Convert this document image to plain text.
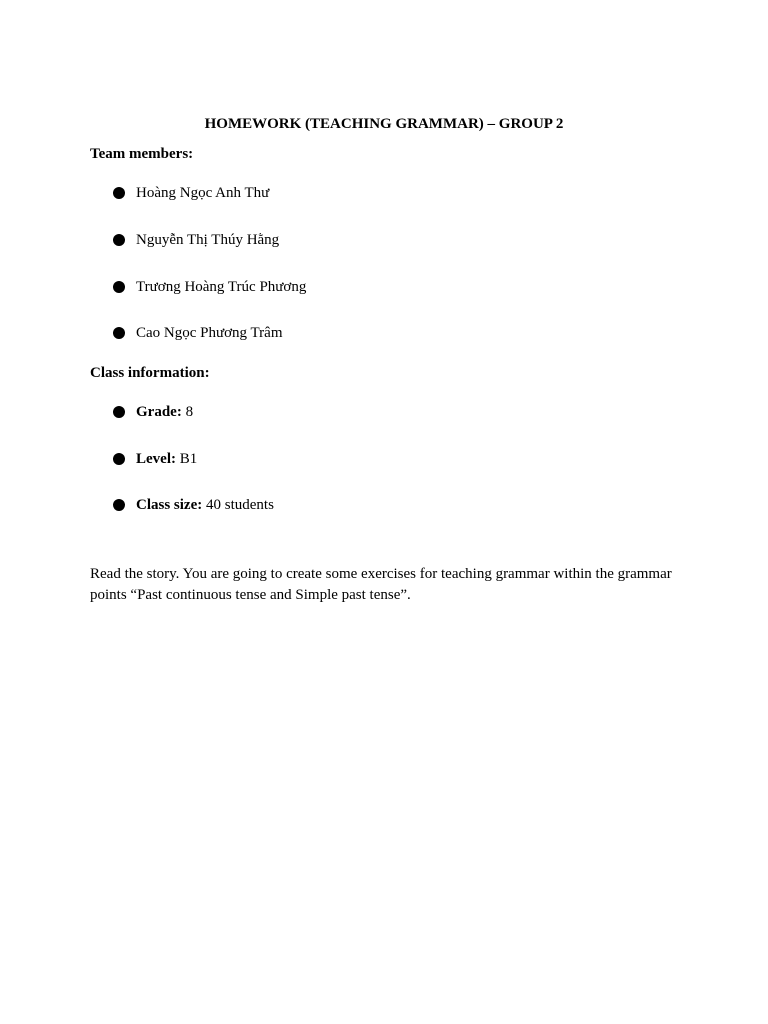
HOMEWORK (TEACHING GRAMMAR) – GROUP 2

Team members:

Hoàng Ngọc Anh Thư
Nguyễn Thị Thúy Hằng
Trương Hoàng Trúc Phương
Cao Ngọc Phương Trâm

Class information:

Grade: 8
Level: B1
Class size: 40 students

Read the story. You are going to create some exercises for teaching grammar within the grammar points “Past continuous tense and Simple past tense”.
